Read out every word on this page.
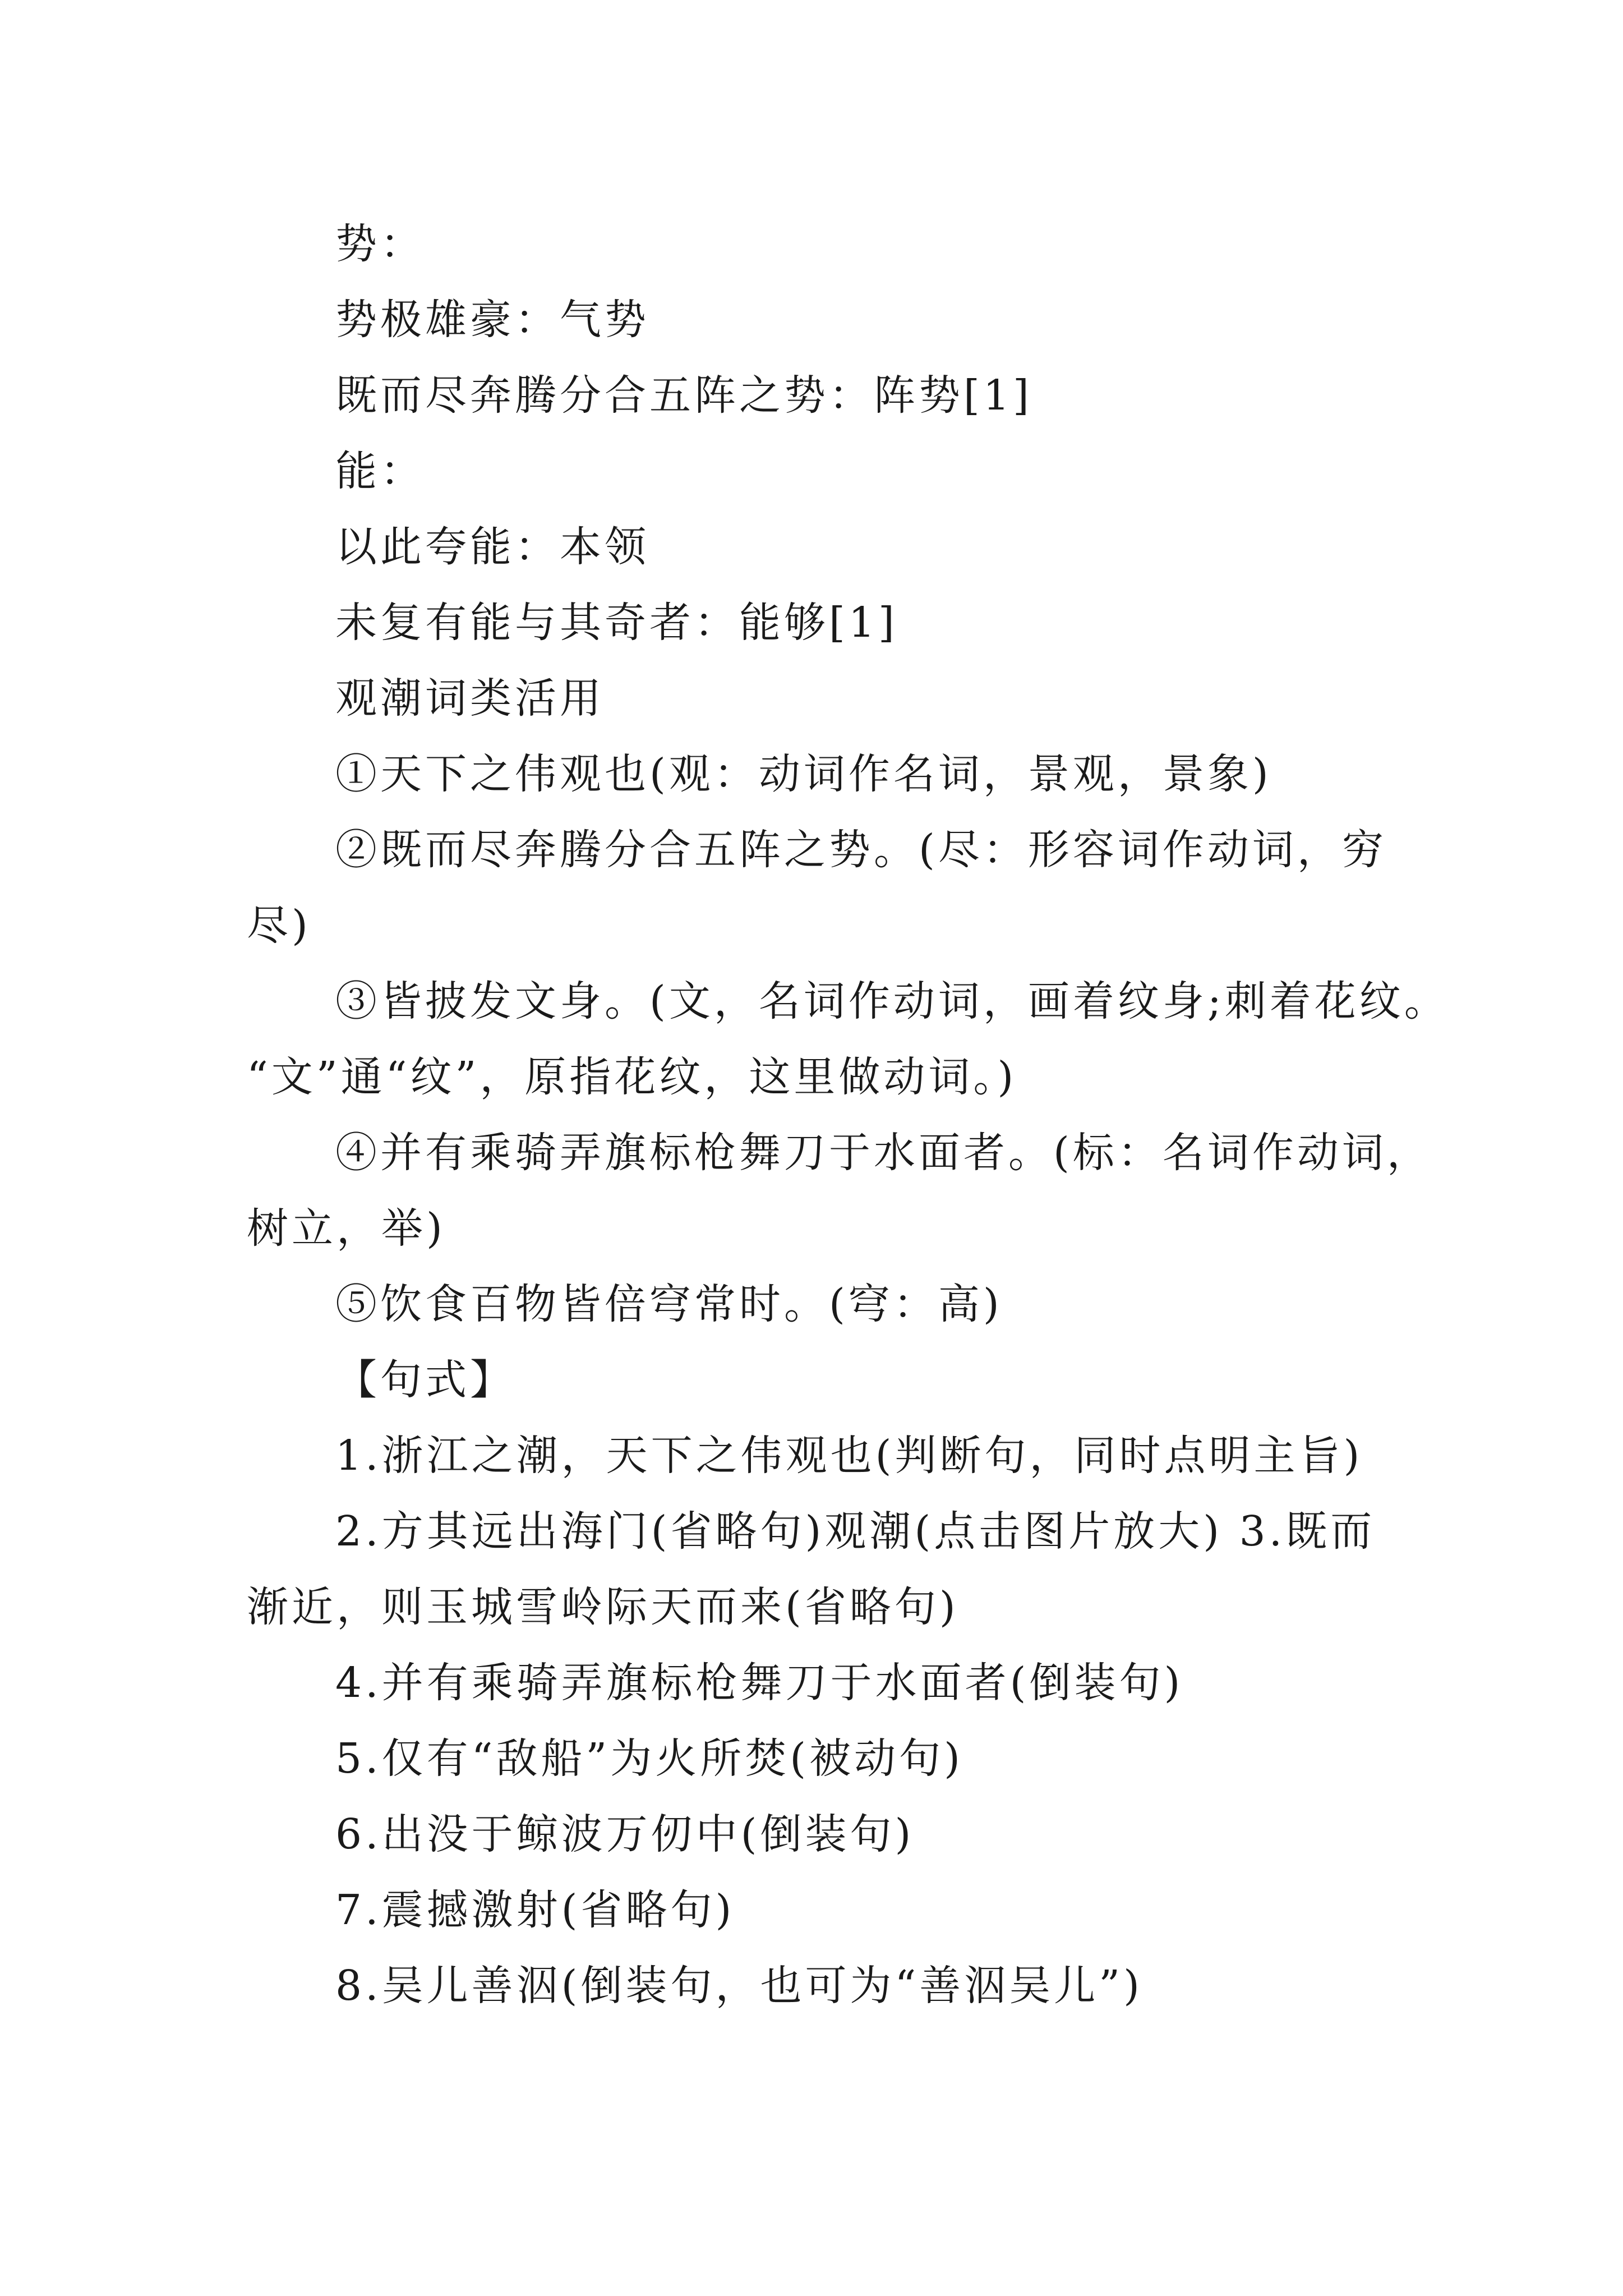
势：

势极雄豪：气势

既而尽奔腾分合五阵之势：阵势[1]

能：

以此夸能：本领

未复有能与其奇者：能够[1]

观潮词类活用

①天下之伟观也(观：动词作名词，景观，景象)

②既而尽奔腾分合五阵之势。(尽：形容词作动词，穷

尽)

③皆披发文身。(文，名词作动词，画着纹身;刺着花纹。

“文”通“纹”，原指花纹，这里做动词。)

④并有乘骑弄旗标枪舞刀于水面者。(标：名词作动词，

树立，举)

⑤饮食百物皆倍穹常时。(穹：高)

【句式】

1.浙江之潮，天下之伟观也(判断句，同时点明主旨)

2.方其远出海门(省略句)观潮(点击图片放大) 3.既而

渐近，则玉城雪岭际天而来(省略句)

4.并有乘骑弄旗标枪舞刀于水面者(倒装句)

5.仅有“敌船”为火所焚(被动句)

6.出没于鲸波万仞中(倒装句)

7.震撼激射(省略句)

8.吴儿善泅(倒装句，也可为“善泅吴儿”)
